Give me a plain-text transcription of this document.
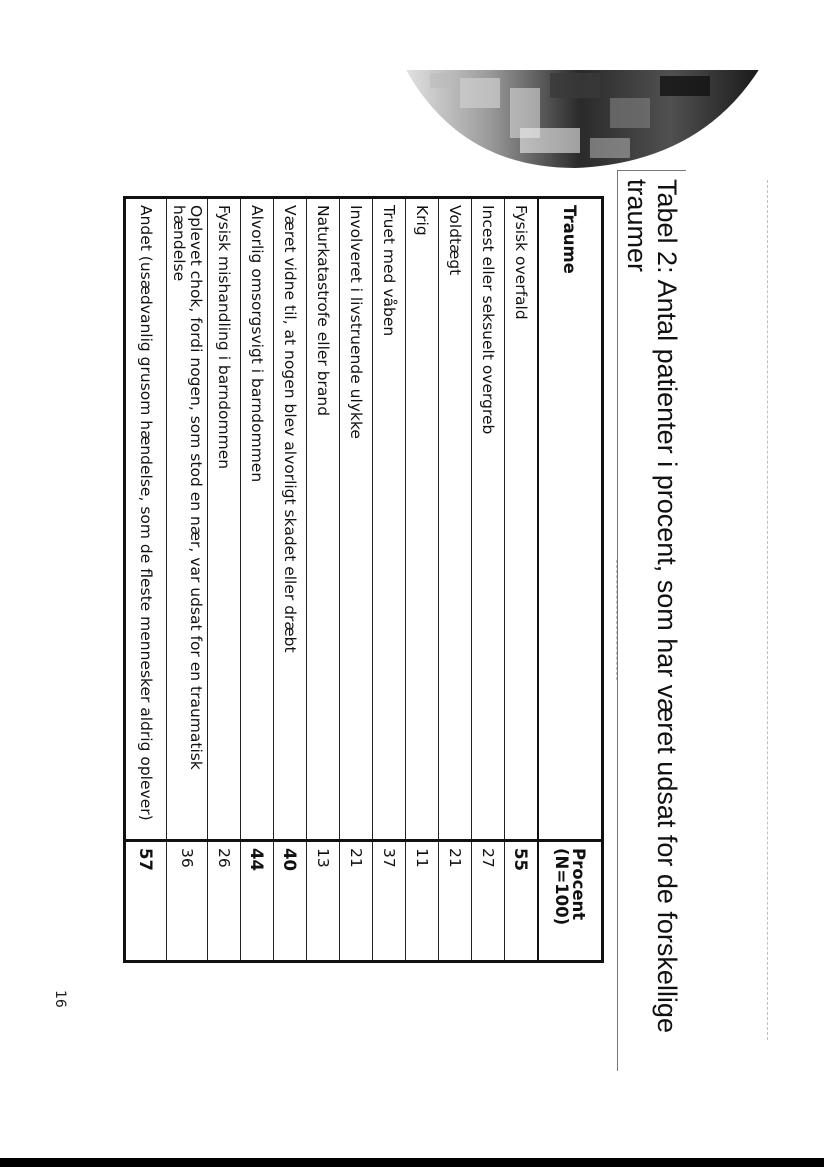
Tabel 2: Antal patienter i procent, som har været udsat for de forskellige traumer
Traume	Procent (N=100)
Fysisk overfald	55
Incest eller seksuelt overgreb	27
Voldtægt	21
Krig	11
Truet med våben	37
Involveret i livstruende ulykke	21
Naturkatastrofe eller brand	13
Været vidne til, at nogen blev alvorligt skadet eller dræbt	40
Alvorlig omsorgsvigt i barndommen	44
Fysisk mishandling i barndommen	26
Oplevet chok, fordi nogen, som stod en nær, var udsat for en traumatisk hændelse	36
Andet (usædvanlig grusom hændelse, som de fleste mennesker aldrig oplever)	57
16
